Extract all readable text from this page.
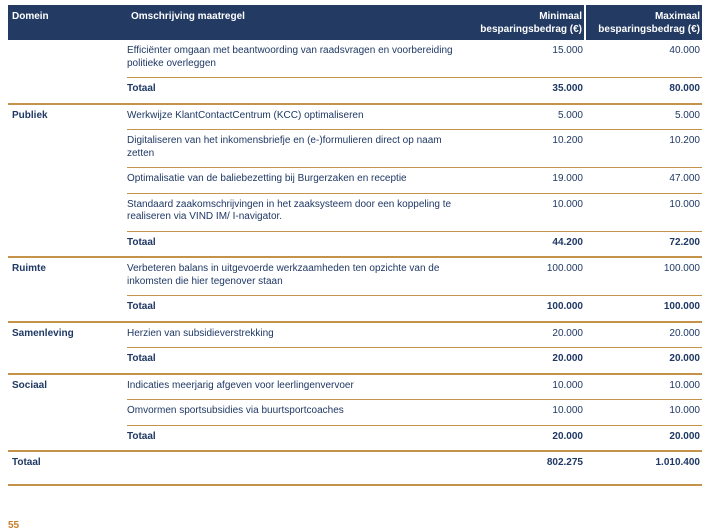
Domein	Omschrijving maatregel	Minimaal besparingsbedrag (€)	Maximaal besparingsbedrag (€)
	Efficiënter omgaan met beantwoording van raadsvragen en voorbereiding politieke overleggen	15.000	40.000
	Totaal	35.000	80.000
Publiek	Werkwijze KlantContactCentrum (KCC) optimaliseren	5.000	5.000
	Digitaliseren van het inkomensbriefje en (e-)formulieren direct op naam zetten	10.200	10.200
	Optimalisatie van de baliebezetting bij Burgerzaken en receptie	19.000	47.000
	Standaard zaakomschrijvingen in het zaaksysteem door een koppeling te realiseren via VIND IM/ I-navigator.	10.000	10.000
	Totaal	44.200	72.200
Ruimte	Verbeteren balans in uitgevoerde werkzaamheden ten opzichte van de inkomsten die hier tegenover staan	100.000	100.000
	Totaal	100.000	100.000
Samenleving	Herzien van subsidieverstrekking	20.000	20.000
	Totaal	20.000	20.000
Sociaal	Indicaties meerjarig afgeven voor leerlingenvervoer	10.000	10.000
	Omvormen sportsubsidies via buurtsportcoaches	10.000	10.000
	Totaal	20.000	20.000
Totaal		802.275	1.010.400
55
